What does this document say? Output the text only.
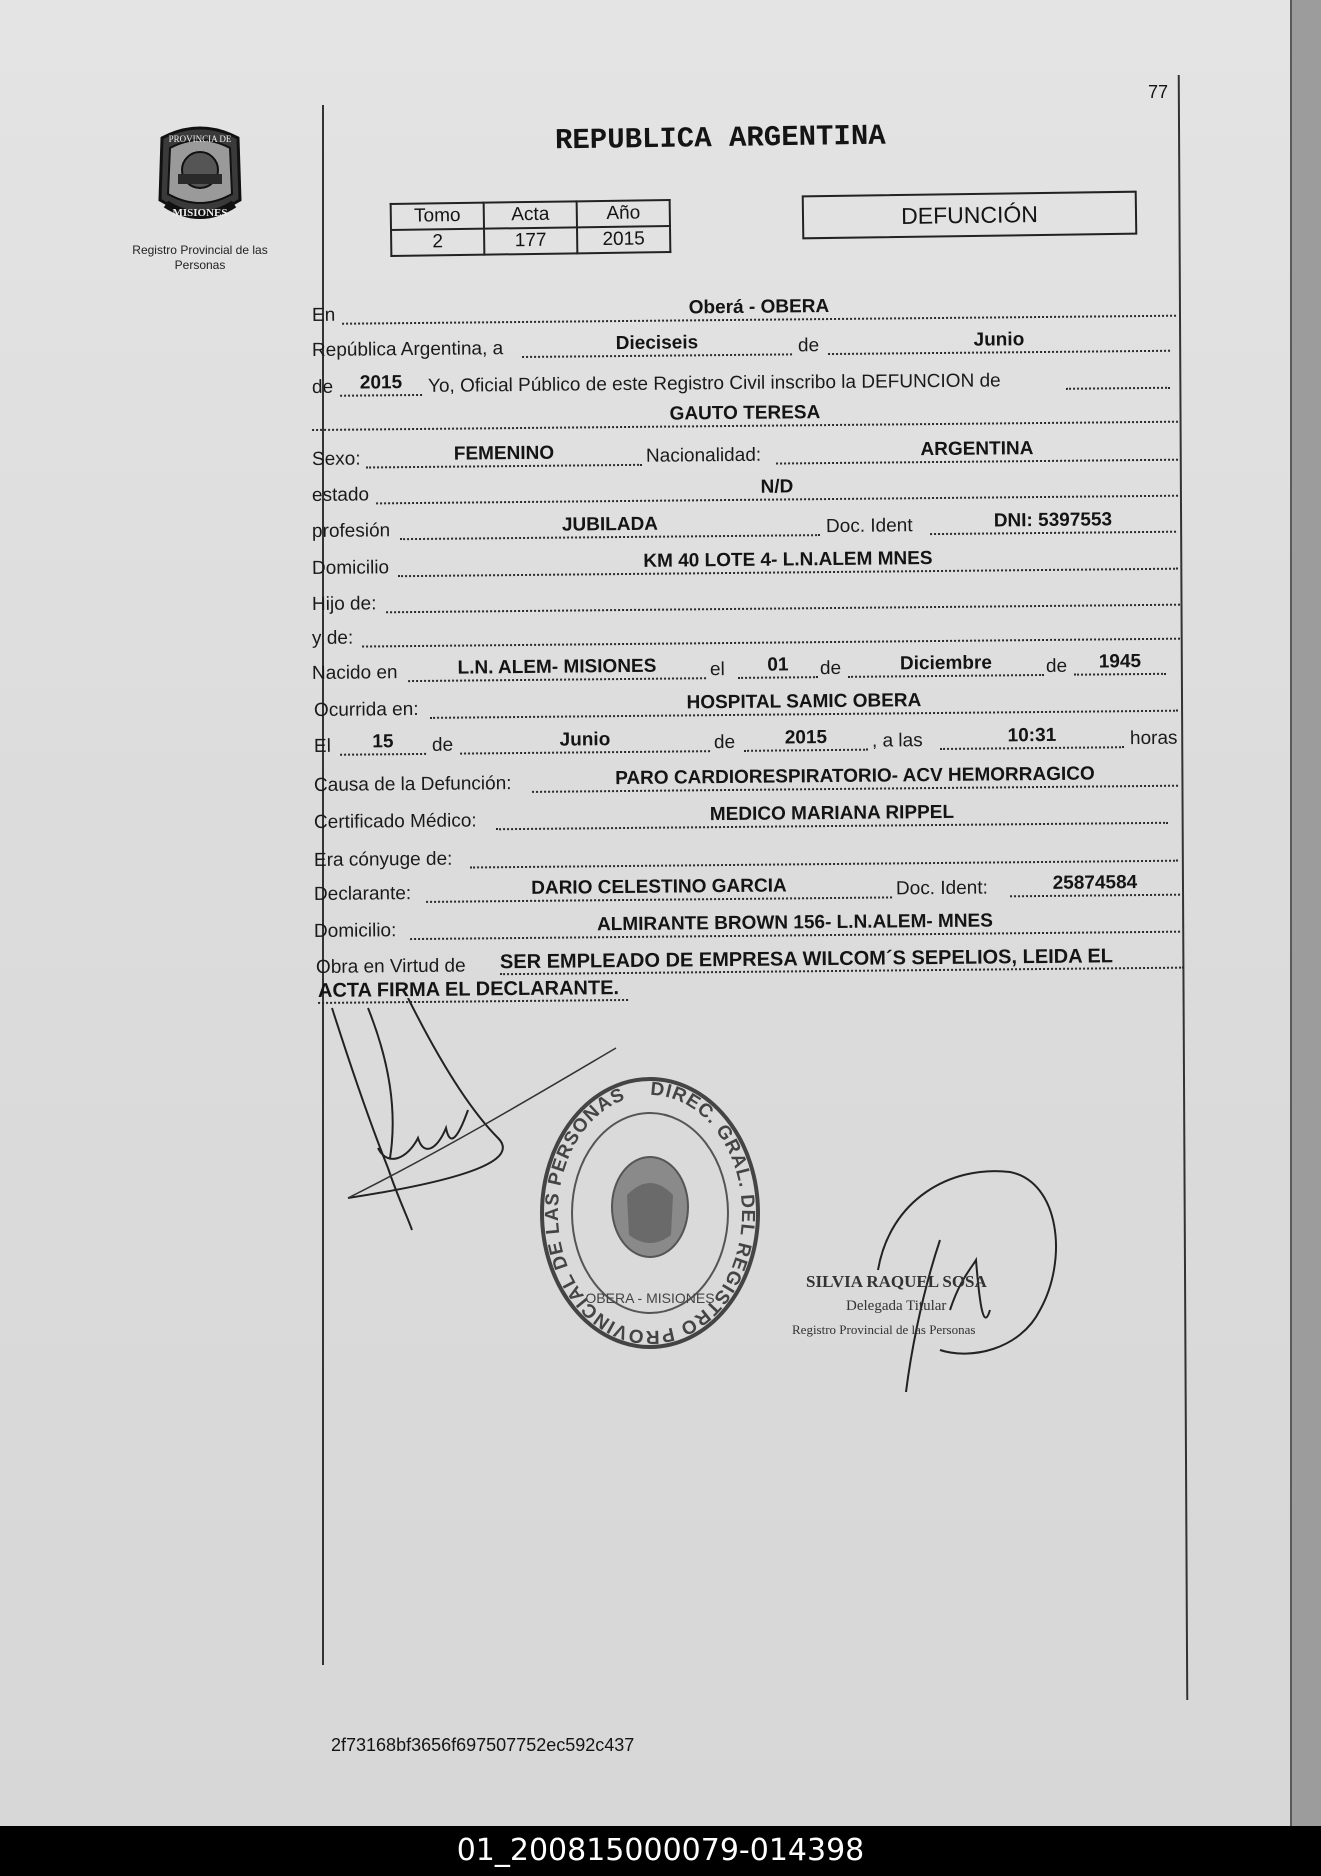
77
PROVINCIA DE
MISIONES
Registro Provincial de las Personas
REPUBLICA ARGENTINA
Tomo	Acta	Año
2	177	2015
DEFUNCIÓN
En	Oberá - OBERA
República Argentina, a	Dieciseis	de	Junio
de	2015	Yo, Oficial Público de este Registro Civil inscribo la DEFUNCION de
GAUTO TERESA
Sexo:	FEMENINO	Nacionalidad:	ARGENTINA
estado	N/D
profesión	JUBILADA	Doc. Ident	DNI: 5397553
Domicilio	KM 40 LOTE 4- L.N.ALEM MNES
Hijo de:
y de:
Nacido en	L.N. ALEM- MISIONES	el	01	de	Diciembre	de	1945
Ocurrida en:	HOSPITAL SAMIC OBERA
El	15	de	Junio	de	2015	, a las	10:31	horas
Causa de la Defunción:	PARO CARDIORESPIRATORIO- ACV HEMORRAGICO
Certificado Médico:	MEDICO MARIANA RIPPEL
Era cónyuge de:
Declarante:	DARIO CELESTINO GARCIA	Doc. Ident:	25874584
Domicilio:	ALMIRANTE BROWN 156- L.N.ALEM- MNES
Obra en Virtud de SER EMPLEADO DE EMPRESA WILCOM´S SEPELIOS, LEIDA EL
ACTA FIRMA EL DECLARANTE.
DIREC. GRAL. DEL REGISTRO PROVINCIAL DE LAS PERSONAS
OBERA - MISIONES
SILVIA RAQUEL SOSA
Delegada Titular
Registro Provincial de las Personas
2f73168bf3656f697507752ec592c437
01_200815000079-014398
